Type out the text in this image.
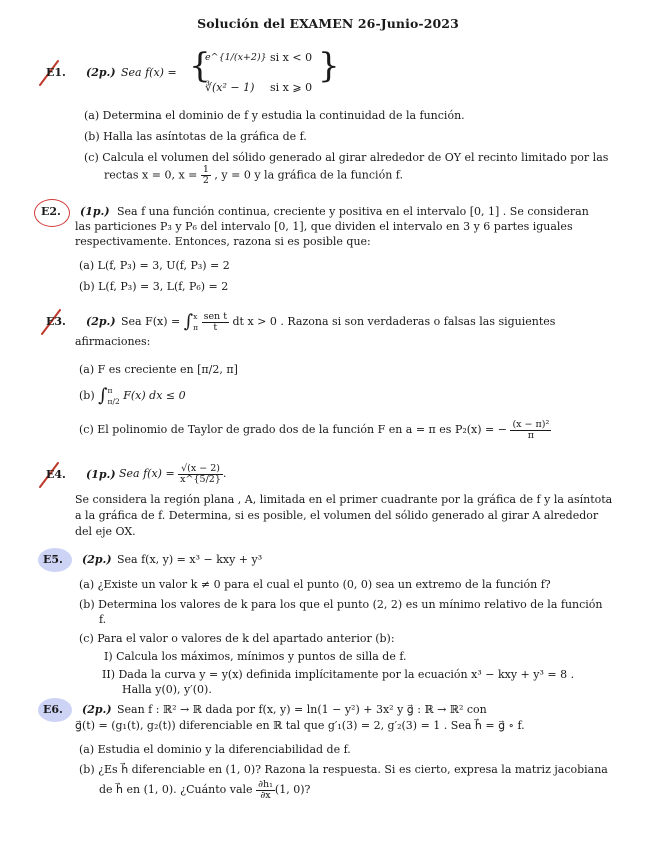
Solución del EXAMEN 26-Junio-2023
E1. (2p.) Sea f(x) = {
e^{1/(x+2)} si x < 0
∛(x² − 1) si x ⩾ 0
}
(a) Determina el dominio de f y estudia la continuidad de la función.
(b) Halla las asíntotas de la gráfica de f.
(c) Calcula el volumen del sólido generado al girar alrededor de OY el recinto limitado por las
rectas x = 0, $x = \frac{1}{2}$ , y = 0 y la gráfica de la función f.
E2. (1p.) Sea f una función continua, creciente y positiva en el intervalo [0, 1] . Se consideran
las particiones P₃ y P₆ del intervalo [0, 1], que dividen el intervalo en 3 y 6 partes iguales
respectivamente. Entonces, razona si es posible que:
(a) L(f, P₃) = 3, U(f, P₃) = 2
(b) L(f, P₃) = 3, L(f, P₆) = 2
E3. (2p.) Sea F(x) = ∫ x
π
$\frac{\text{sen t}}{t}$ dt x > 0 . Razona si son verdaderas o falsas las siguientes
afirmaciones:
(a) F es creciente en [π/2, π]
(b) ∫ π
π/2 F(x) dx ≤ 0
(c) El polinomio de Taylor de grado dos de la función F en a = π es P₂(x) = − $\frac{\text{(x − π)²}}{\pi}$
E4. (1p.) Sea $f(x) = \frac{√(x - 2)}{x\^{}\{5/2\}}$ .
Se considera la región plana , A, limitada en el primer cuadrante por la gráfica de f y la asíntota
a la gráfica de f. Determina, si es posible, el volumen del sólido generado al girar A alrededor
del eje OX.
E5. (2p.) Sea f(x, y) = x³ − kxy + y³
(a) ¿Existe un valor k ≠ 0 para el cual el punto (0, 0) sea un extremo de la función f?
(b) Determina los valores de k para los que el punto (2, 2) es un mínimo relativo de la función
f.
(c) Para el valor o valores de k del apartado anterior (b):
I) Calcula los máximos, mínimos y puntos de silla de f.
II) Dada la curva y = y(x) definida implícitamente por la ecuación x³ − kxy + y³ = 8 .
Halla y(0), y′(0).
E6. (2p.) Sean f : ℝ² → ℝ dada por f(x, y) = ln(1 − y²) + 3x² y g⃗ : ℝ → ℝ² con
g⃗(t) = (g₁(t), g₂(t)) diferenciable en ℝ tal que g′₁(3) = 2, g′₂(3) = 1 . Sea h⃗ = g⃗ ∘ f.
(a) Estudia el dominio y la diferenciabilidad de f.
(b) ¿Es h⃗ diferenciable en (1, 0)? Razona la respuesta. Si es cierto, expresa la matriz jacobiana
de h⃗ en (1, 0). ¿Cuánto vale $\frac{\text{∂h₁}}{\partial x} (1$, 0)?
